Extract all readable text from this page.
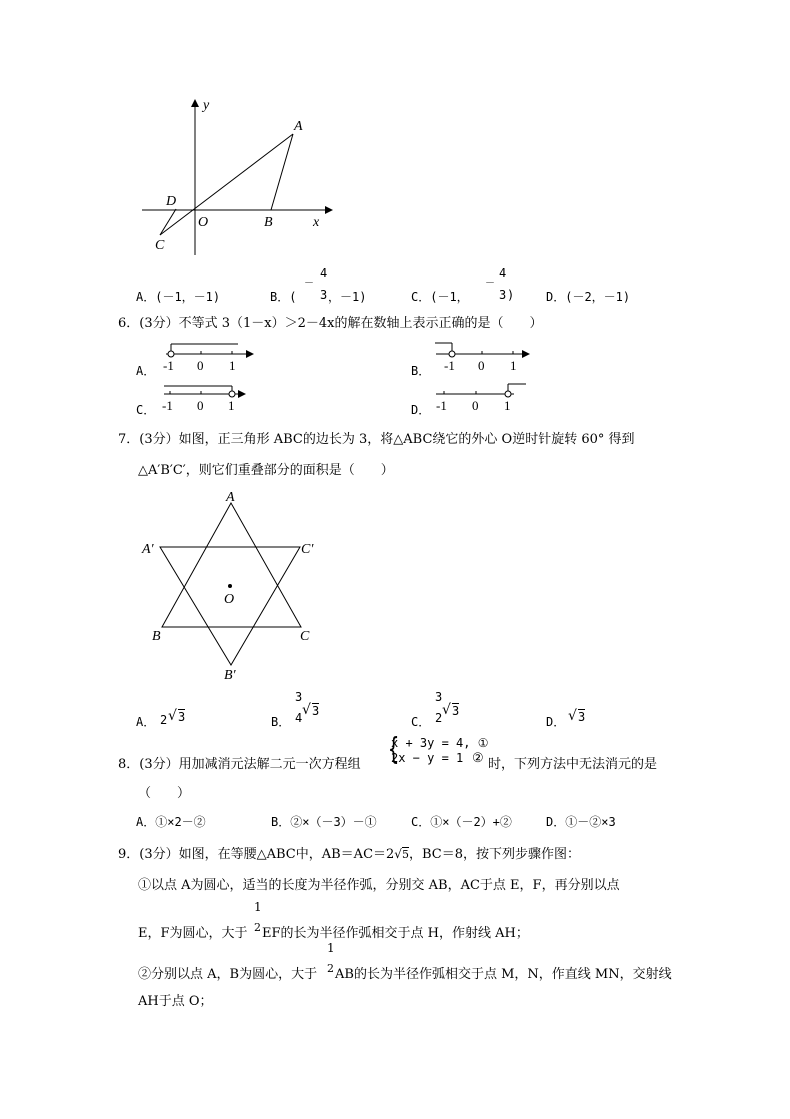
y
A
D
O	B	x
C
A．(－1，－1)	B．(
－
4
3 ，－1)	C．(－1，
－
4
3 )	D．(－2，－1)
6．(3分）不等式 3（1－x）＞2－4x的解在数轴上表示正确的是（　　）
A． -1 0 1	B． -1 0 1
C． -1 0 1	D． -1 0 1
7．(3分）如图，正三角形 ABC的边长为 3，将△ABC绕它的外心 O逆时针旋转 60° 得到
△A′B′C′，则它们重叠部分的面积是（　　）
A
A′	C′
O
B	C
B′
A． 2 √ 3	B．
3
4 √ 3
C．
3
2 √ 3
D． √ 3
8．(3分）用加减消元法解二元一次方程组 {
x + 3y = 4, ①
2x − y = 1 ② 时，下列方法中无法消元的是
（　　）
A．①×2－②	B．②×（－3）－①	C．①×（－2）+②	D．①－②×3
9．(3分）如图，在等腰△ABC中，AB＝AC＝2√5，BC＝8，按下列步骤作图：
①以点 A为圆心，适当的长度为半径作弧，分别交 AB，AC于点 E，F，再分别以点
E，F为圆心，大于
1
2 EF的长为半径作弧相交于点 H，作射线 AH；
②分别以点 A，B为圆心，大于
1
2 AB的长为半径作弧相交于点 M，N，作直线 MN，交射线
AH于点 O；
